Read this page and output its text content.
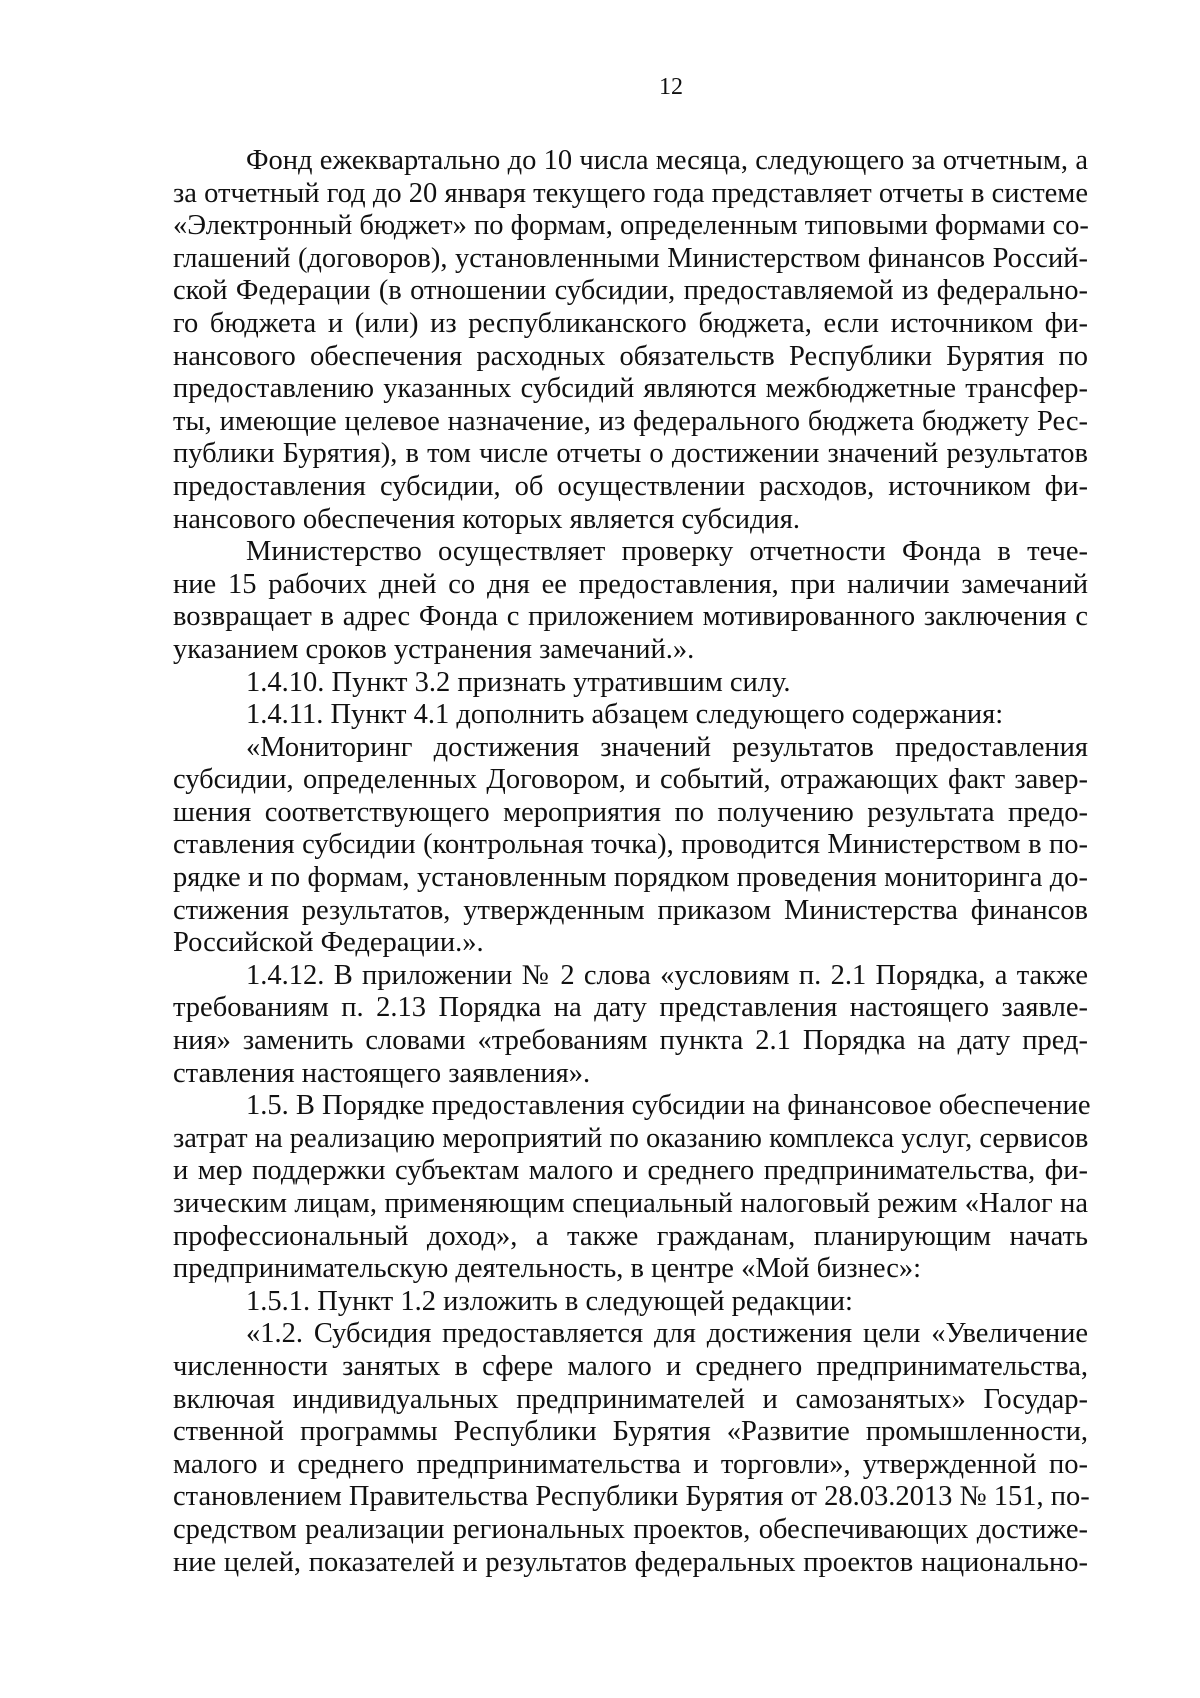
12
Фонд ежеквартально до 10 числа месяца, следующего за отчетным, а
за отчетный год до 20 января текущего года представляет отчеты в системе
«Электронный бюджет» по формам, определенным типовыми формами со-
глашений (договоров), установленными Министерством финансов Россий-
ской Федерации (в отношении субсидии, предоставляемой из федерально-
го бюджета и (или) из республиканского бюджета, если источником фи-
нансового обеспечения расходных обязательств Республики Бурятия по
предоставлению указанных субсидий являются межбюджетные трансфер-
ты, имеющие целевое назначение, из федерального бюджета бюджету Рес-
публики Бурятия), в том числе отчеты о достижении значений результатов
предоставления субсидии, об осуществлении расходов, источником фи-
нансового обеспечения которых является субсидия.
Министерство осуществляет проверку отчетности Фонда в тече-
ние 15 рабочих дней со дня ее предоставления, при наличии замечаний
возвращает в адрес Фонда с приложением мотивированного заключения с
указанием сроков устранения замечаний.».
1.4.10. Пункт 3.2 признать утратившим силу.
1.4.11. Пункт 4.1 дополнить абзацем следующего содержания:
«Мониторинг достижения значений результатов предоставления
субсидии, определенных Договором, и событий, отражающих факт завер-
шения соответствующего мероприятия по получению результата предо-
ставления субсидии (контрольная точка), проводится Министерством в по-
рядке и по формам, установленным порядком проведения мониторинга до-
стижения результатов, утвержденным приказом Министерства финансов
Российской Федерации.».
1.4.12. В приложении № 2 слова «условиям п. 2.1 Порядка, а также
требованиям п. 2.13 Порядка на дату представления настоящего заявле-
ния» заменить словами «требованиям пункта 2.1 Порядка на дату пред-
ставления настоящего заявления».
1.5. В Порядке предоставления субсидии на финансовое обеспечение
затрат на реализацию мероприятий по оказанию комплекса услуг, сервисов
и мер поддержки субъектам малого и среднего предпринимательства, фи-
зическим лицам, применяющим специальный налоговый режим «Налог на
профессиональный доход», а также гражданам, планирующим начать
предпринимательскую деятельность, в центре «Мой бизнес»:
1.5.1. Пункт 1.2 изложить в следующей редакции:
«1.2. Субсидия предоставляется для достижения цели «Увеличение
численности занятых в сфере малого и среднего предпринимательства,
включая индивидуальных предпринимателей и самозанятых» Государ-
ственной программы Республики Бурятия «Развитие промышленности,
малого и среднего предпринимательства и торговли», утвержденной по-
становлением Правительства Республики Бурятия от 28.03.2013 № 151, по-
средством реализации региональных проектов, обеспечивающих достиже-
ние целей, показателей и результатов федеральных проектов национально-
